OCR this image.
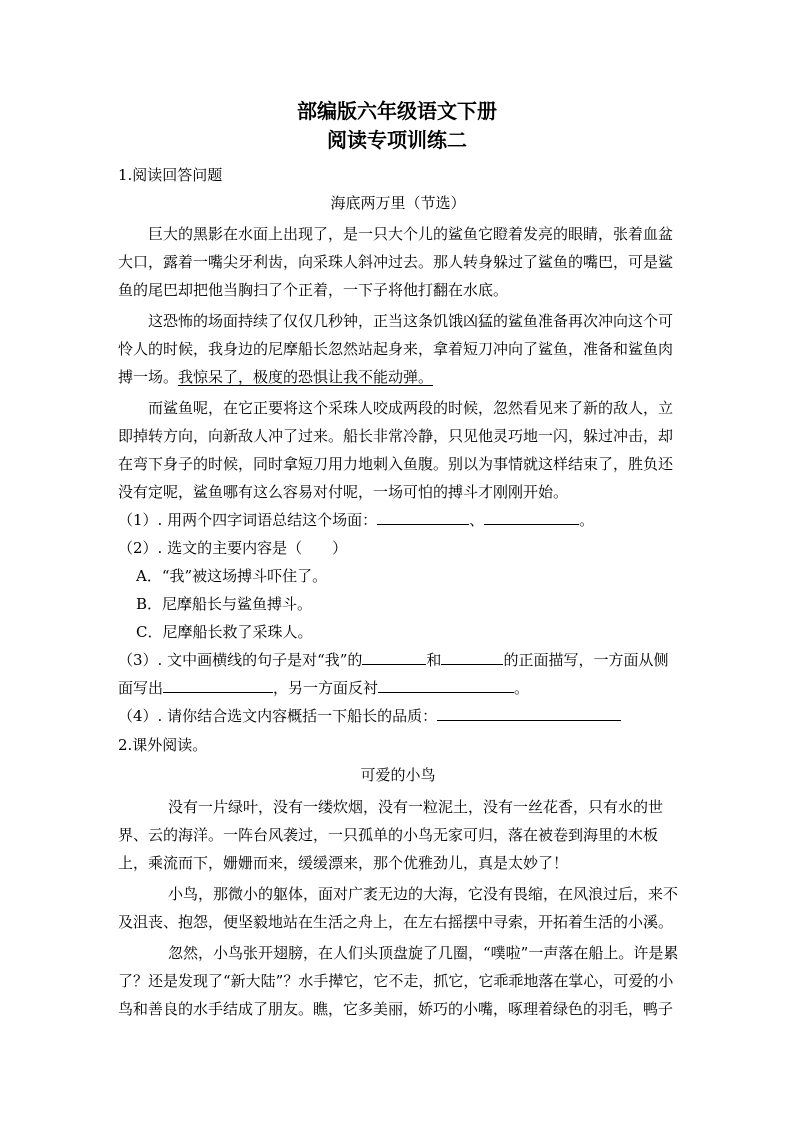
部编版六年级语文下册
阅读专项训练二
1.阅读回答问题
海底两万里（节选）
巨大的黑影在水面上出现了，是一只大个儿的鲨鱼它瞪着发亮的眼睛，张着血盆
大口，露着一嘴尖牙利齿，向采珠人斜冲过去。那人转身躲过了鲨鱼的嘴巴，可是鲨
鱼的尾巴却把他当胸扫了个正着，一下子将他打翻在水底。
这恐怖的场面持续了仅仅几秒钟，正当这条饥饿凶猛的鲨鱼准备再次冲向这个可
怜人的时候，我身边的尼摩船长忽然站起身来，拿着短刀冲向了鲨鱼，准备和鲨鱼肉
搏一场。我惊呆了，极度的恐惧让我不能动弹。
而鲨鱼呢，在它正要将这个采珠人咬成两段的时候，忽然看见来了新的敌人，立
即掉转方向，向新敌人冲了过来。船长非常冷静，只见他灵巧地一闪，躲过冲击，却
在弯下身子的时候，同时拿短刀用力地刺入鱼腹。别以为事情就这样结束了，胜负还
没有定呢，鲨鱼哪有这么容易对付呢，一场可怕的搏斗才刚刚开始。
（1）. 用两个四字词语总结这个场面：	、	。
（2）. 选文的主要内容是（　　）
A．“我”被这场搏斗吓住了。
B．尼摩船长与鲨鱼搏斗。
C．尼摩船长救了采珠人。
（3）. 文中画横线的句子是对“我”的	和	的正面描写，一方面从侧
面写出	，另一方面反衬	。
（4）. 请你结合选文内容概括一下船长的品质：
2.课外阅读。
可爱的小鸟
没有一片绿叶，没有一缕炊烟，没有一粒泥土，没有一丝花香，只有水的世
界、云的海洋。一阵台风袭过，一只孤单的小鸟无家可归，落在被卷到海里的木板
上，乘流而下，姗姗而来，缓缓漂来，那个优雅劲儿，真是太妙了！
小鸟，那微小的躯体，面对广袤无边的大海，它没有畏缩，在风浪过后，来不
及沮丧、抱怨，便坚毅地站在生活之舟上，在左右摇摆中寻索，开拓着生活的小溪。
忽然，小鸟张开翅膀，在人们头顶盘旋了几圈，“噗啦”一声落在船上。许是累
了？还是发现了“新大陆”？水手撵它，它不走，抓它，它乖乖地落在掌心，可爱的小
鸟和善良的水手结成了朋友。瞧，它多美丽，娇巧的小嘴，啄理着绿色的羽毛，鸭子
